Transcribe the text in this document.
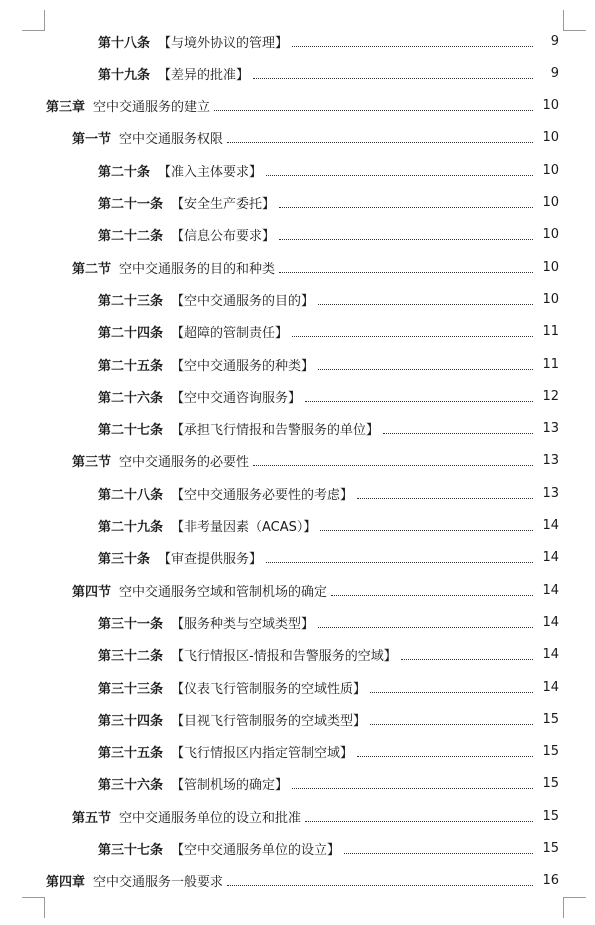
第十八条 【与境外协议的管理】	9
第十九条 【差异的批准】	9
第三章 空中交通服务的建立	10
第一节 空中交通服务权限	10
第二十条 【准入主体要求】	10
第二十一条 【安全生产委托】	10
第二十二条 【信息公布要求】	10
第二节 空中交通服务的目的和种类	10
第二十三条 【空中交通服务的目的】	10
第二十四条 【超障的管制责任】	11
第二十五条 【空中交通服务的种类】	11
第二十六条 【空中交通咨询服务】	12
第二十七条 【承担飞行情报和告警服务的单位】	13
第三节 空中交通服务的必要性	13
第二十八条 【空中交通服务必要性的考虑】	13
第二十九条 【非考量因素（ACAS）】	14
第三十条 【审查提供服务】	14
第四节 空中交通服务空域和管制机场的确定	14
第三十一条 【服务种类与空域类型】	14
第三十二条 【飞行情报区-情报和告警服务的空域】	14
第三十三条 【仪表飞行管制服务的空域性质】	14
第三十四条 【目视飞行管制服务的空域类型】	15
第三十五条 【飞行情报区内指定管制空域】	15
第三十六条 【管制机场的确定】	15
第五节 空中交通服务单位的设立和批准	15
第三十七条 【空中交通服务单位的设立】	15
第四章 空中交通服务一般要求	16
